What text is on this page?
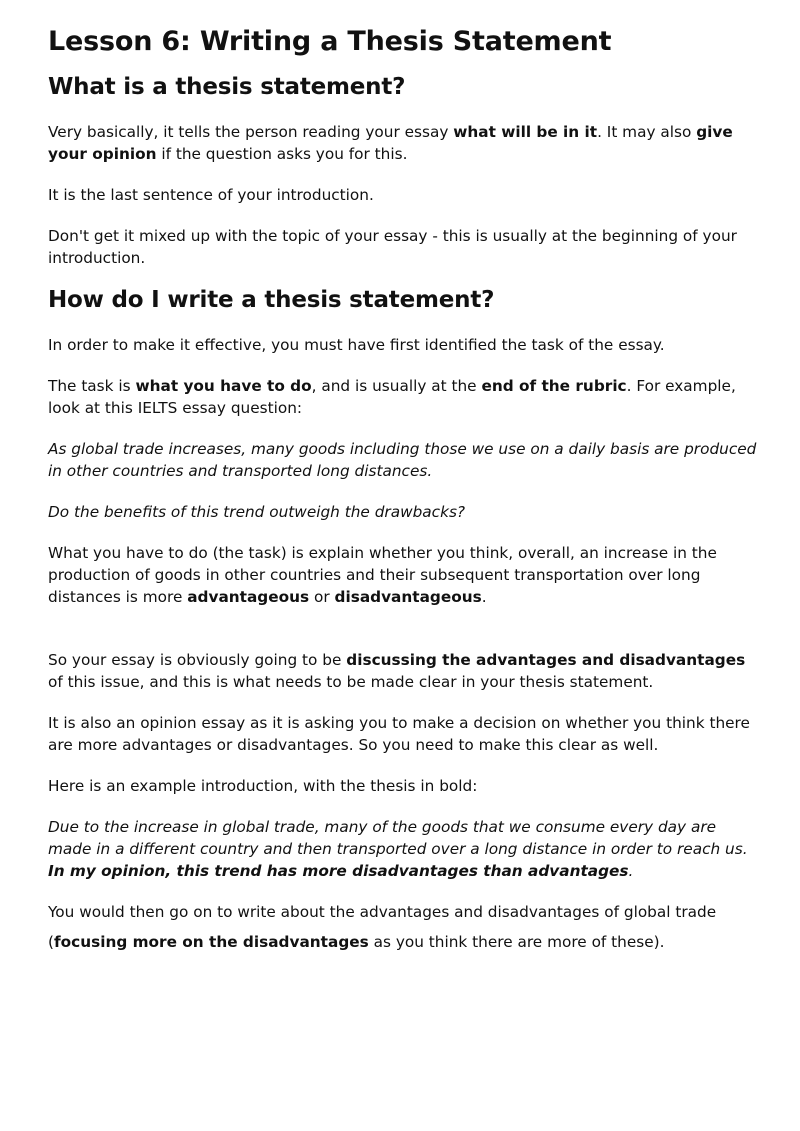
Lesson 6: Writing a Thesis Statement
What is a thesis statement?

Very basically, it tells the person reading your essay what will be in it. It may also give your opinion if the question asks you for this.

It is the last sentence of your introduction.

Don't get it mixed up with the topic of your essay - this is usually at the beginning of your introduction.

How do I write a thesis statement?

In order to make it effective, you must have first identified the task of the essay.

The task is what you have to do, and is usually at the end of the rubric. For example, look at this IELTS essay question:

As global trade increases, many goods including those we use on a daily basis are produced in other countries and transported long distances.

Do the benefits of this trend outweigh the drawbacks?

What you have to do (the task) is explain whether you think, overall, an increase in the production of goods in other countries and their subsequent transportation over long distances is more advantageous or disadvantageous.

So your essay is obviously going to be discussing the advantages and disadvantages of this issue, and this is what needs to be made clear in your thesis statement.

It is also an opinion essay as it is asking you to make a decision on whether you think there are more advantages or disadvantages. So you need to make this clear as well.

Here is an example introduction, with the thesis in bold:

Due to the increase in global trade, many of the goods that we consume every day are made in a different country and then transported over a long distance in order to reach us. In my opinion, this trend has more disadvantages than advantages.

You would then go on to write about the advantages and disadvantages of global trade

(focusing more on the disadvantages as you think there are more of these).
